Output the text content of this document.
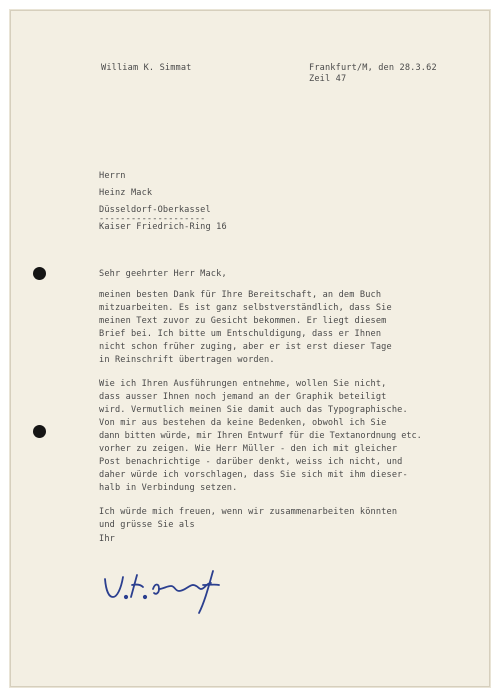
William K. Simmat	Frankfurt/M, den 28.3.62
Zeil 47
Herrn
Heinz Mack
Düsseldorf-Oberkassel
--------------------
Kaiser Friedrich-Ring 16
Sehr geehrter Herr Mack,
meinen besten Dank für Ihre Bereitschaft, an dem Buch
mitzuarbeiten. Es ist ganz selbstverständlich, dass Sie
meinen Text zuvor zu Gesicht bekommen. Er liegt diesem
Brief bei. Ich bitte um Entschuldigung, dass er Ihnen
nicht schon früher zuging, aber er ist erst dieser Tage
in Reinschrift übertragen worden.
Wie ich Ihren Ausführungen entnehme, wollen Sie nicht,
dass ausser Ihnen noch jemand an der Graphik beteiligt
wird. Vermutlich meinen Sie damit auch das Typographische.
Von mir aus bestehen da keine Bedenken, obwohl ich Sie
dann bitten würde, mir Ihren Entwurf für die Textanordnung etc.
vorher zu zeigen. Wie Herr Müller - den ich mit gleicher
Post benachrichtige - darüber denkt, weiss ich nicht, und
daher würde ich vorschlagen, dass Sie sich mit ihm dieser-
halb in Verbindung setzen.
Ich würde mich freuen, wenn wir zusammenarbeiten könnten
und grüsse Sie als
Ihr
